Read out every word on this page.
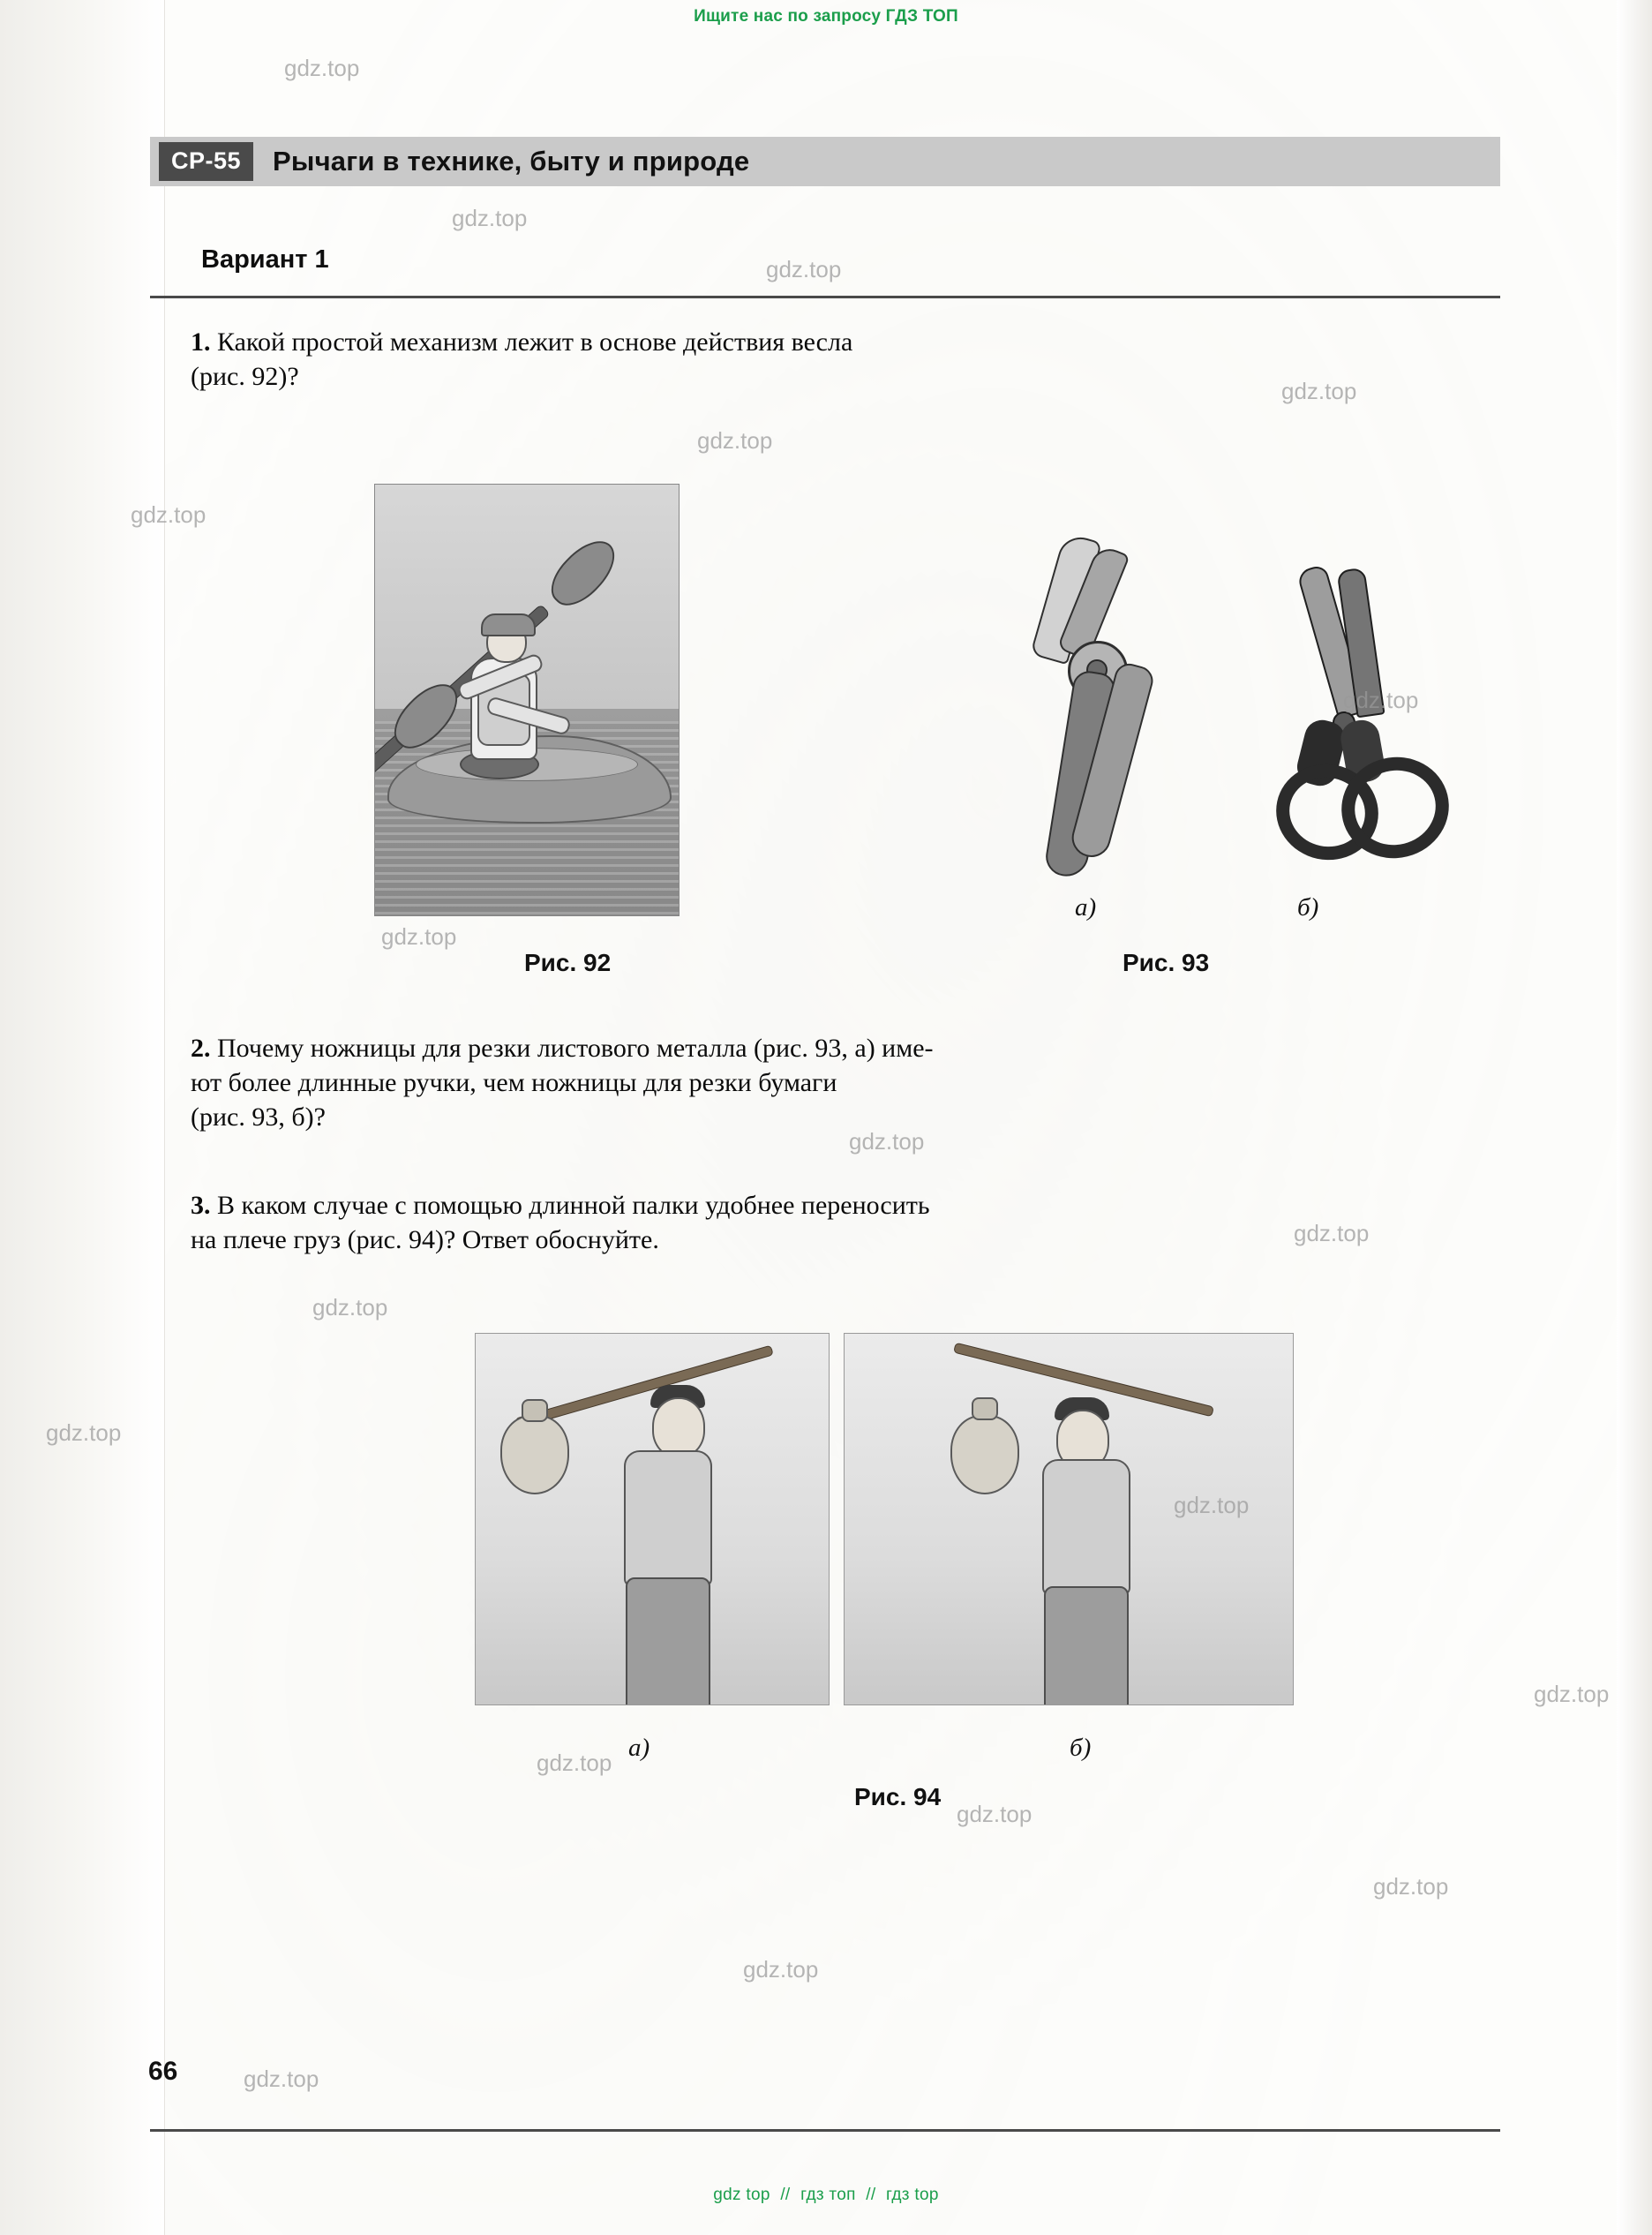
Ищите нас по запросу ГДЗ ТОП
СР-55	Рычаги в технике, быту и природе
Вариант 1
1. Какой простой механизм лежит в основе действия весла
(рис. 92)?
Рис. 92
а)	б)
Рис. 93
2. Почему ножницы для резки листового металла (рис. 93, а) име-
ют более длинные ручки, чем ножницы для резки бумаги
(рис. 93, б)?
3. В каком случае с помощью длинной палки удобнее переносить
на плече груз (рис. 94)? Ответ обоснуйте.
а)	б)
Рис. 94
66
gdz top // гдз топ // гдз top
gdz.top
gdz.top
gdz.top
gdz.top
gdz.top
gdz.top
gdz.top
gdz.top
gdz.top
gdz.top
gdz.top
gdz.top
gdz.top
gdz.top
gdz.top
gdz.top
gdz.top
gdz.top
gdz.top
